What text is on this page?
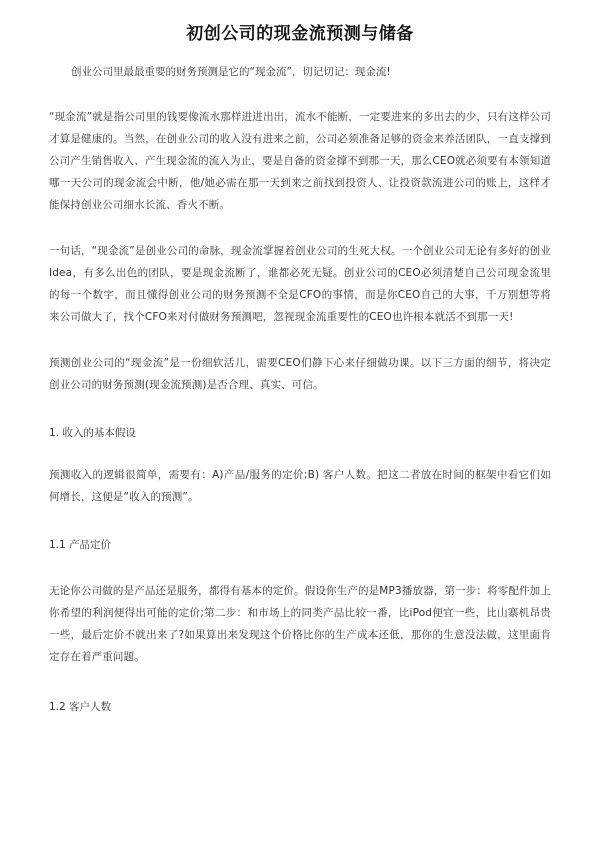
初创公司的现金流预测与储备

创业公司里最最重要的财务预测是它的“现金流”，切记切记：现金流!

“现金流”就是指公司里的钱要像流水那样进进出出，流水不能断，一定要进来的多出去的少，只有这样公司才算是健康的。当然，在创业公司的收入没有进来之前，公司必须准备足够的资金来养活团队，一直支撑到公司产生销售收入、产生现金流的流入为止，要是自备的资金撑不到那一天，那么CEO就必须要有本领知道哪一天公司的现金流会中断，他/她必需在那一天到来之前找到投资人、让投资款流进公司的账上，这样才能保持创业公司细水长流、香火不断。

一句话，“现金流”是创业公司的命脉，现金流掌握着创业公司的生死大权。一个创业公司无论有多好的创业 Idea，有多么出色的团队，要是现金流断了，谁都必死无疑。创业公司的CEO必须清楚自己公司现金流里的每一个数字，而且懂得创业公司的财务预测不全是CFO的事情，而是你CEO自己的大事，千万别想等将来公司做大了，找个CFO来对付做财务预测吧，忽视现金流重要性的CEO也许根本就活不到那一天!

预测创业公司的“现金流”是一份细软活儿，需要CEO们静下心来仔细做功课。以下三方面的细节，将决定创业公司的财务预测(现金流预测)是否合理、真实、可信。

1. 收入的基本假设

预测收入的逻辑很简单，需要有：A)产品/服务的定价;B) 客户人数。把这二者放在时间的框架中看它们如何增长，这便是“收入的预测”。

1.1 产品定价

无论你公司做的是产品还是服务，都得有基本的定价。假设你生产的是MP3播放器，第一步：将零配件加上你希望的利润便得出可能的定价;第二步：和市场上的同类产品比较一番，比iPod便宜一些，比山寨机昂贵一些，最后定价不就出来了?如果算出来发现这个价格比你的生产成本还低，那你的生意没法做，这里面肯定存在着严重问题。

1.2 客户人数
